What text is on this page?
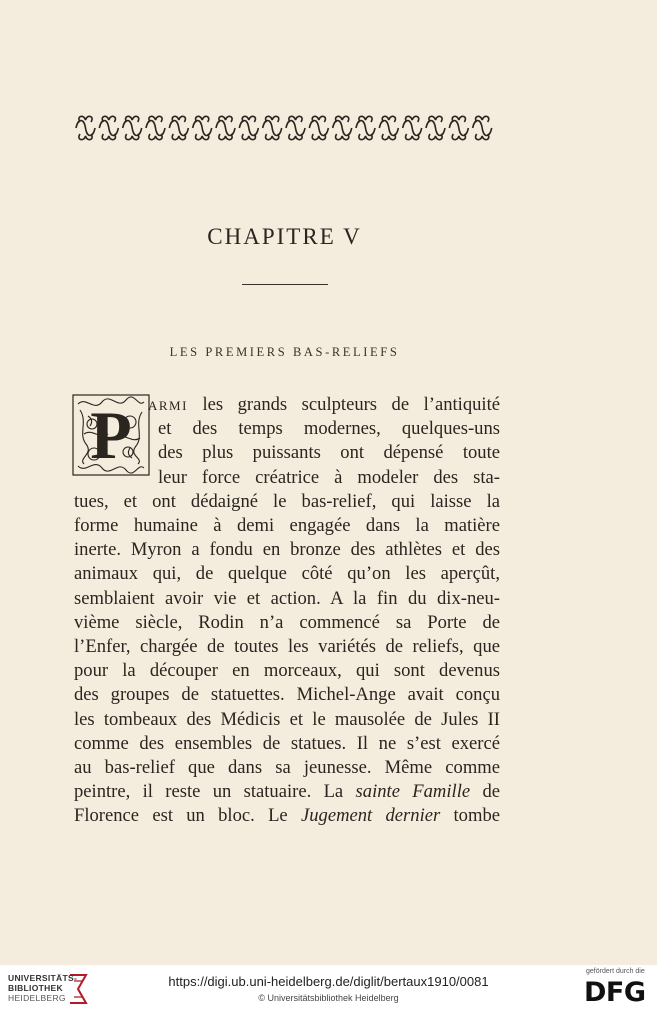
CHAPITRE V
LES PREMIERS BAS-RELIEFS
P ARMI les grands sculpteurs de l’antiquité
et des temps modernes, quelques-uns
des plus puissants ont dépensé toute
leur force créatrice à modeler des sta-
tues, et ont dédaigné le bas-relief, qui laisse la
forme humaine à demi engagée dans la matière
inerte. Myron a fondu en bronze des athlètes et des
animaux qui, de quelque côté qu’on les aperçût,
semblaient avoir vie et action. A la fin du dix-neu-
vième siècle, Rodin n’a commencé sa Porte de
l’Enfer, chargée de toutes les variétés de reliefs, que
pour la découper en morceaux, qui sont devenus
des groupes de statuettes. Michel-Ange avait conçu
les tombeaux des Médicis et le mausolée de Jules II
comme des ensembles de statues. Il ne s’est exercé
au bas-relief que dans sa jeunesse. Même comme
peintre, il reste un statuaire. La sainte Famille de
Florence est un bloc. Le Jugement dernier tombe
UNIVERSITÄTS-
BIBLIOTHEK
HEIDELBERG
https://digi.ub.uni-heidelberg.de/diglit/bertaux1910/0081
© Universitätsbibliothek Heidelberg
gefördert durch die
DFG
